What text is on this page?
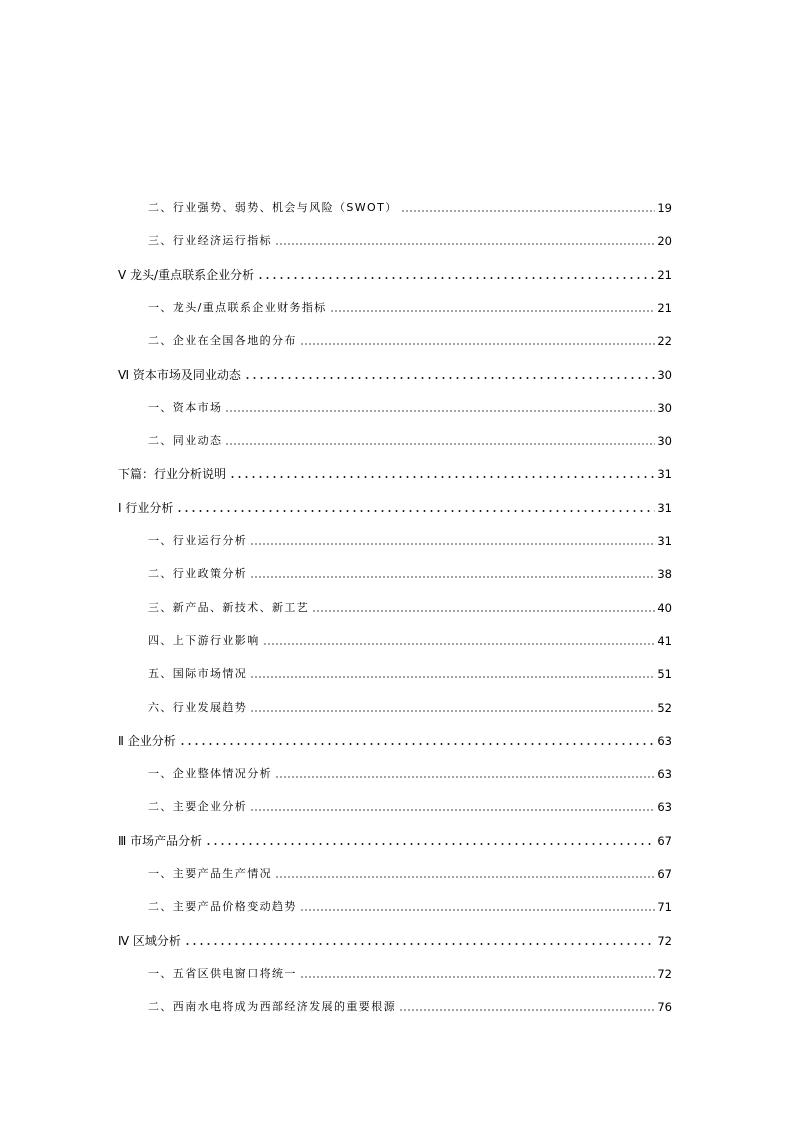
二、行业强势、弱势、机会与风险（SWOT）	19
三、行业经济运行指标	20
Ⅴ 龙头/重点联系企业分析	21
一、龙头/重点联系企业财务指标	21
二、企业在全国各地的分布	22
Ⅵ 资本市场及同业动态	30
一、资本市场	30
二、同业动态	30
下篇：行业分析说明	31
Ⅰ 行业分析	31
一、行业运行分析	31
二、行业政策分析	38
三、新产品、新技术、新工艺	40
四、上下游行业影响	41
五、国际市场情况	51
六、行业发展趋势	52
Ⅱ 企业分析	63
一、企业整体情况分析	63
二、主要企业分析	63
Ⅲ 市场产品分析	67
一、主要产品生产情况	67
二、主要产品价格变动趋势	71
Ⅳ 区域分析	72
一、五省区供电窗口将统一	72
二、西南水电将成为西部经济发展的重要根源	76
